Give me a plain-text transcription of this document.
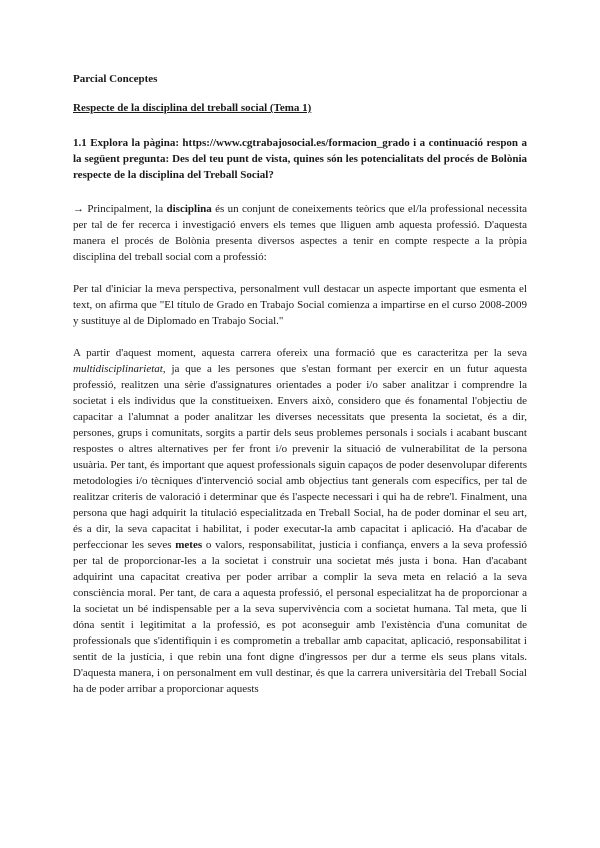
Parcial Conceptes
Respecte de la disciplina del treball social (Tema 1)
1.1 Explora la pàgina: https://www.cgtrabajosocial.es/formacion_grado i a continuació respon a la següent pregunta: Des del teu punt de vista, quines són les potencialitats del procés de Bolònia respecte de la disciplina del Treball Social?

→ Principalment, la disciplina és un conjunt de coneixements teòrics que el/la professional necessita per tal de fer recerca i investigació envers els temes que lliguen amb aquesta professió. D'aquesta manera el procés de Bolònia presenta diversos aspectes a tenir en compte respecte a la pròpia disciplina del treball social com a professió:

Per tal d'iniciar la meva perspectiva, personalment vull destacar un aspecte important que esmenta el text, on afirma que "El título de Grado en Trabajo Social comienza a impartirse en el curso 2008-2009 y sustituye al de Diplomado en Trabajo Social."

A partir d'aquest moment, aquesta carrera ofereix una formació que es caracteritza per la seva multidisciplinarietat, ja que a les persones que s'estan formant per exercir en un futur aquesta professió, realitzen una sèrie d'assignatures orientades a poder i/o saber analitzar i comprendre la societat i els individus que la constitueixen. Envers això, considero que és fonamental l'objectiu de capacitar a l'alumnat a poder analitzar les diverses necessitats que presenta la societat, és a dir, persones, grups i comunitats, sorgits a partir dels seus problemes personals i socials i acabant buscant respostes o altres alternatives per fer front i/o prevenir la situació de vulnerabilitat de la persona usuària. Per tant, és important que aquest professionals siguin capaços de poder desenvolupar diferents metodologies i/o tècniques d'intervenció social amb objectius tant generals com específics, per tal de realitzar criteris de valoració i determinar que és l'aspecte necessari i qui ha de rebre'l. Finalment, una persona que hagi adquirit la titulació especialitzada en Treball Social, ha de poder dominar el seu art, és a dir, la seva capacitat i habilitat, i poder executar-la amb capacitat i aplicació. Ha d'acabar de perfeccionar les seves metes o valors, responsabilitat, justicia i confiança, envers a la seva professió per tal de proporcionar-les a la societat i construir una societat més justa i bona. Han d'acabant adquirint una capacitat creativa per poder arribar a complir la seva meta en relació a la seva consciència moral. Per tant, de cara a aquesta professió, el personal especialitzat ha de proporcionar a la societat un bé indispensable per a la seva supervivència com a societat humana. Tal meta, que li dóna sentit i legitimitat a la professió, es pot aconseguir amb l'existència d'una comunitat de professionals que s'identifiquin i es comprometin a treballar amb capacitat, aplicació, responsabilitat i sentit de la justícia, i que rebin una font digne d'ingressos per dur a terme els seus plans vitals. D'aquesta manera, i on personalment em vull destinar, és que la carrera universitària del Treball Social ha de poder arribar a proporcionar aquests
